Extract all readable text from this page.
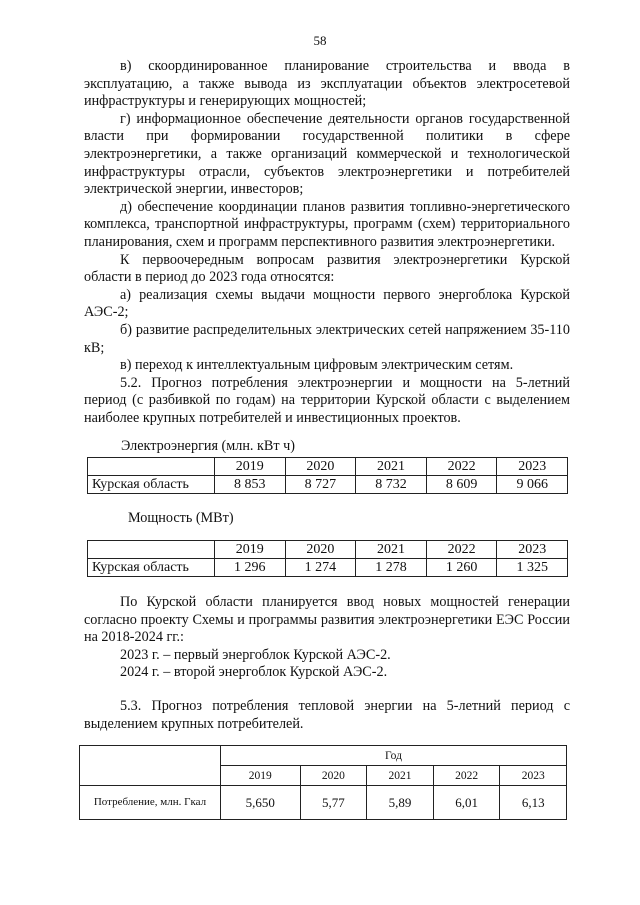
58

в) скоординированное планирование строительства и ввода в эксплуатацию, а также вывода из эксплуатации объектов электросетевой инфраструктуры и генерирующих мощностей;

г) информационное обеспечение деятельности органов государственной власти при формировании государственной политики в сфере электроэнергетики, а также организаций коммерческой и технологической инфраструктуры отрасли, субъектов электроэнергетики и потребителей электрической энергии, инвесторов;

д) обеспечение координации планов развития топливно-энергетического комплекса, транспортной инфраструктуры, программ (схем) территориального планирования, схем и программ перспективного развития электроэнергетики.

К первоочередным вопросам развития электроэнергетики Курской области в период до 2023 года относятся:

а) реализация схемы выдачи мощности первого энергоблока Курской АЭС-2;

б) развитие распределительных электрических сетей напряжением 35-110 кВ;

в) переход к интеллектуальным цифровым электрическим сетям.

5.2. Прогноз потребления электроэнергии и мощности на 5-летний период (с разбивкой по годам) на территории Курской области с выделением наиболее крупных потребителей и инвестиционных проектов.

Электроэнергия (млн. кВт ч)
	2019	2020	2021	2022	2023
Курская область	8 853	8 727	8 732	8 609	9 066
Мощность (МВт)
	2019	2020	2021	2022	2023
Курская область	1 296	1 274	1 278	1 260	1 325

По Курской области планируется ввод новых мощностей генерации согласно проекту Схемы и программы развития электроэнергетики ЕЭС России на 2018-2024 гг.:

2023 г. – первый энергоблок Курской АЭС-2.

2024 г. – второй энергоблок Курской АЭС-2.

5.3. Прогноз потребления тепловой энергии на 5-летний период с выделением крупных потребителей.

	Год				
	2019	2020	2021	2022	2023
Потребление, млн. Гкал	5,650	5,77	5,89	6,01	6,13
